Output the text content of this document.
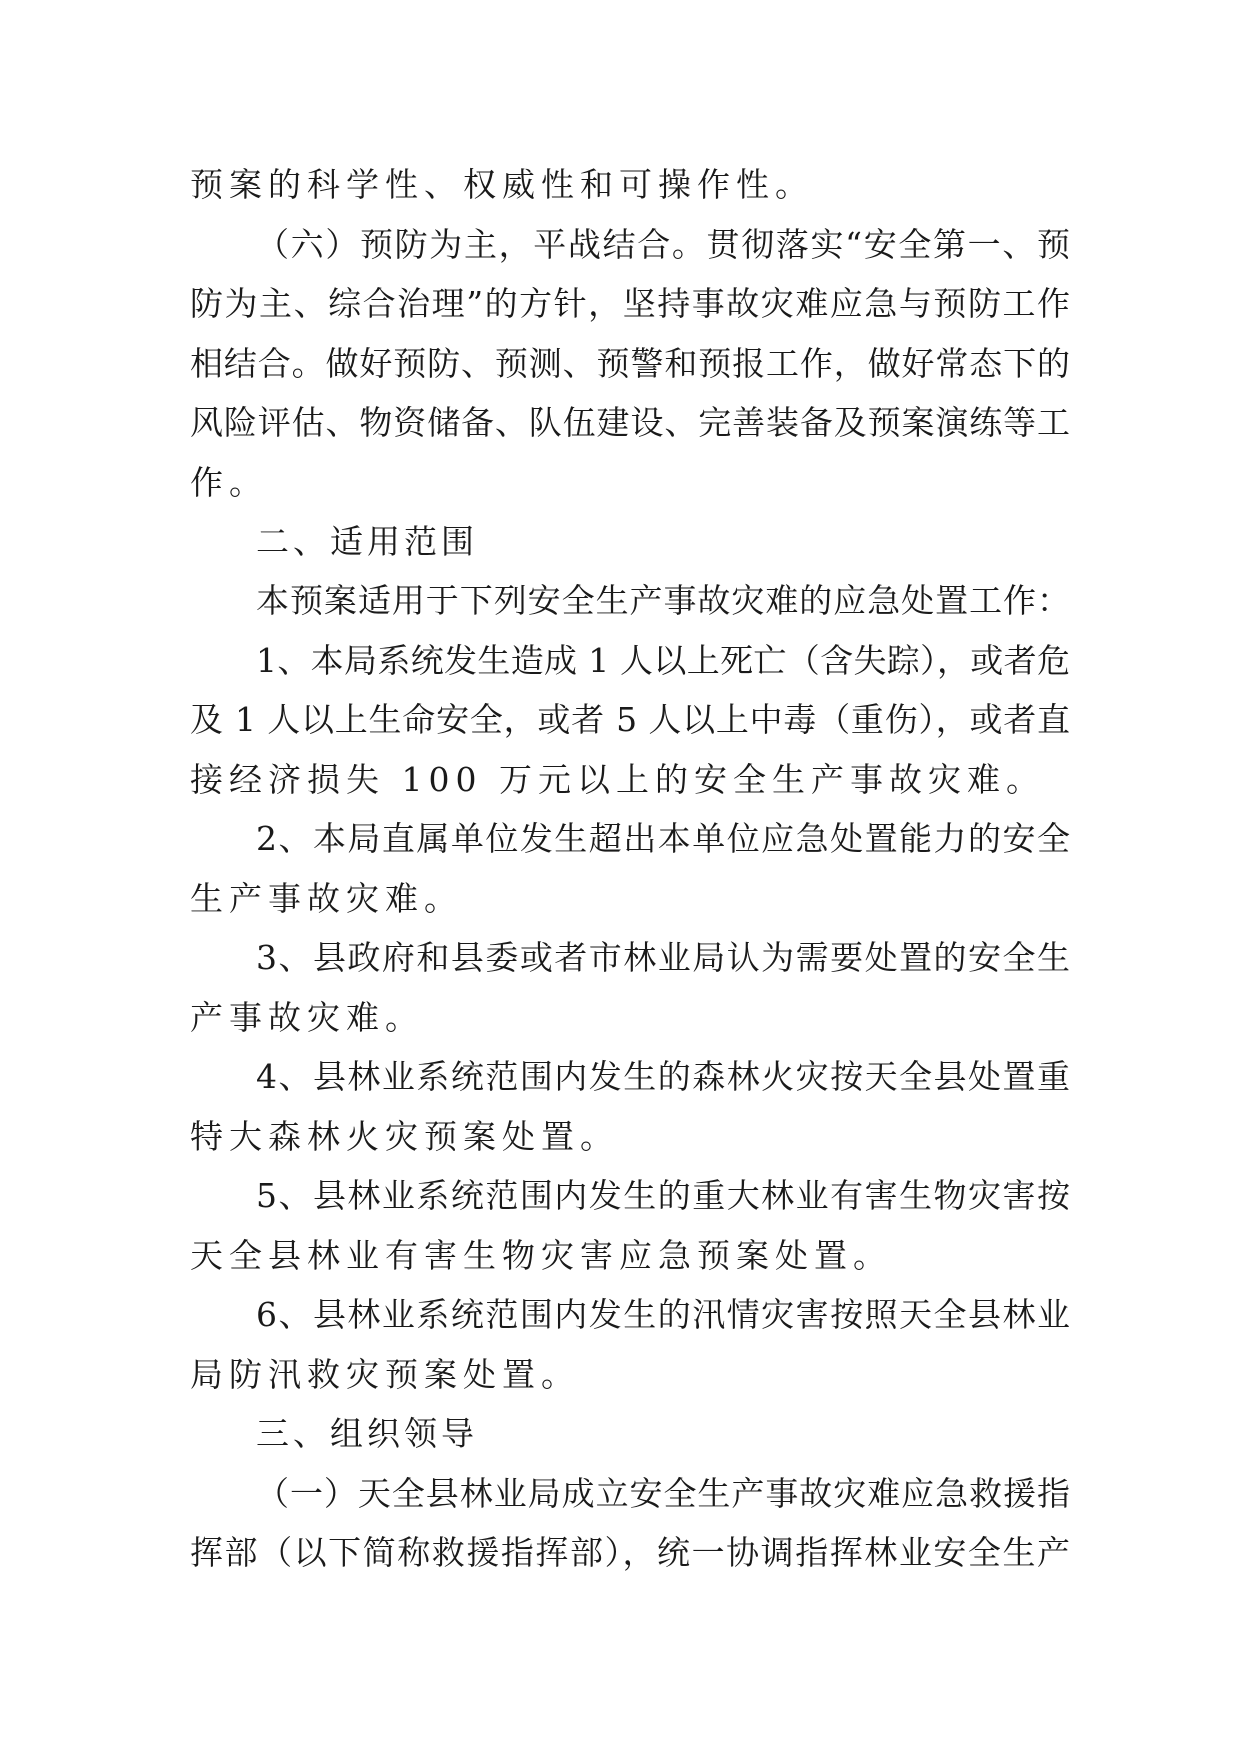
预案的科学性、权威性和可操作性。
（六）预防为主，平战结合。贯彻落实“安全第一、预
防为主、综合治理”的方针，坚持事故灾难应急与预防工作
相结合。做好预防、预测、预警和预报工作，做好常态下的
风险评估、物资储备、队伍建设、完善装备及预案演练等工
作。
二、适用范围
本预案适用于下列安全生产事故灾难的应急处置工作：
1、本局系统发生造成 1 人以上死亡（含失踪），或者危
及 1 人以上生命安全，或者 5 人以上中毒（重伤），或者直
接经济损失 100 万元以上的安全生产事故灾难。
2、本局直属单位发生超出本单位应急处置能力的安全
生产事故灾难。
3、县政府和县委或者市林业局认为需要处置的安全生
产事故灾难。
4、县林业系统范围内发生的森林火灾按天全县处置重
特大森林火灾预案处置。
5、县林业系统范围内发生的重大林业有害生物灾害按
天全县林业有害生物灾害应急预案处置。
6、县林业系统范围内发生的汛情灾害按照天全县林业
局防汛救灾预案处置。
三、组织领导
（一）天全县林业局成立安全生产事故灾难应急救援指
挥部（以下简称救援指挥部），统一协调指挥林业安全生产
